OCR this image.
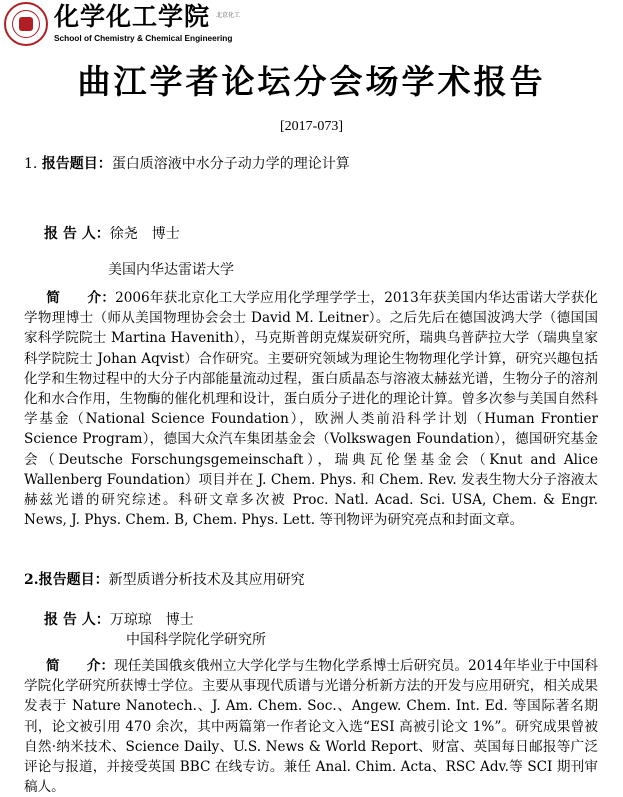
化学化工学院 北京化工
School of Chemistry & Chemical Engineering
曲江学者论坛分会场学术报告
[2017-073]
1. 报告题目：蛋白质溶液中水分子动力学的理论计算
报 告 人：徐尧　博士
美国内华达雷诺大学
简　　介：2006年获北京化工大学应用化学理学学士，2013年获美国内华达雷诺大学获化学物理博士（师从美国物理协会会士 David M. Leitner）。之后先后在德国波鸿大学（德国国家科学院院士 Martina Havenith），马克斯普朗克煤炭研究所，瑞典乌普萨拉大学（瑞典皇家科学院院士 Johan Aqvist）合作研究。主要研究领域为理论生物物理化学计算，研究兴趣包括化学和生物过程中的大分子内部能量流动过程，蛋白质晶态与溶液太赫兹光谱，生物分子的溶剂化和水合作用，生物酶的催化机理和设计，蛋白质分子进化的理论计算。曾多次参与美国自然科学基金（National Science Foundation），欧洲人类前沿科学计划（Human Frontier Science Program），德国大众汽车集团基金会（Volkswagen Foundation），德国研究基金会（Deutsche Forschungsgemeinschaft），瑞典瓦伦堡基金会（Knut and Alice Wallenberg Foundation）项目并在 J. Chem. Phys. 和 Chem. Rev. 发表生物大分子溶液太赫兹光谱的研究综述。科研文章多次被 Proc. Natl. Acad. Sci. USA, Chem. & Engr. News, J. Phys. Chem. B, Chem. Phys. Lett. 等刊物评为研究亮点和封面文章。
2.报告题目：新型质谱分析技术及其应用研究
报 告 人：万琼琼　博士
中国科学院化学研究所
简　　介：现任美国俄亥俄州立大学化学与生物化学系博士后研究员。2014年毕业于中国科学院化学研究所获博士学位。主要从事现代质谱与光谱分析新方法的开发与应用研究，相关成果发表于 Nature Nanotech.、J. Am. Chem. Soc.、Angew. Chem. Int. Ed. 等国际著名期刊，论文被引用 470 余次，其中两篇第一作者论文入选“ESI 高被引论文 1%”。研究成果曾被自然·纳米技术、Science Daily、U.S. News & World Report、财富、英国每日邮报等广泛评论与报道，并接受英国 BBC 在线专访。兼任 Anal. Chim. Acta、RSC Adv.等 SCI 期刊审稿人。
